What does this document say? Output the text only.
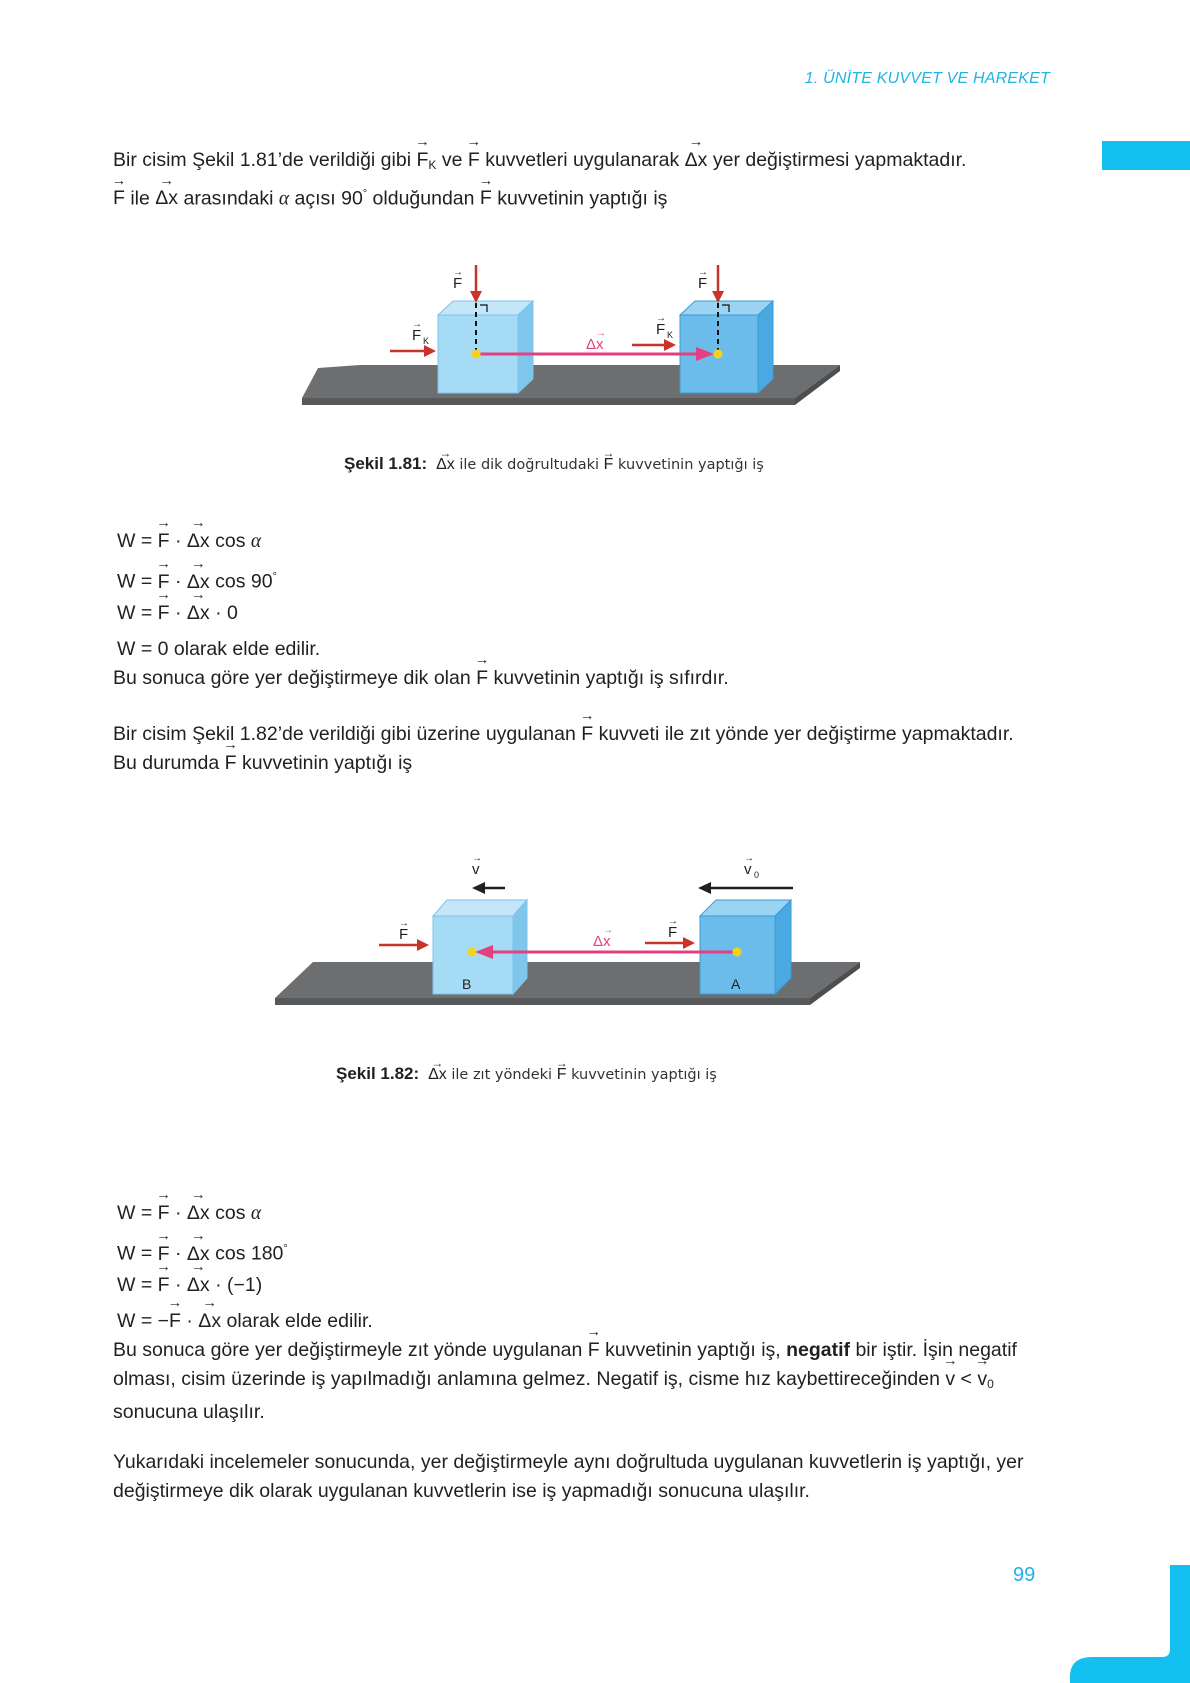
1. ÜNİTE KUVVET VE HAREKET

Bir cisim Şekil 1.81’de verildiği gibi → $F_K$ ve → F kuvvetleri uygulanarak → Δx yer değiştirmesi yapmaktadır.

→ F ile → Δx arasındaki α açısı 90° olduğundan → F kuvvetinin yaptığı iş

F
→
F
→
F K
→	F K
→
Δx
→
Şekil 1.81: → Δx ile dik doğrultudaki → F kuvvetinin yaptığı iş
W = → F · → Δx cos α
W = → F · → Δx cos 90°
W = → F · → Δx · 0
W = 0 olarak elde edilir.

Bu sonuca göre yer değiştirmeye dik olan → F kuvvetinin yaptığı iş sıfırdır.

Bir cisim Şekil 1.82’de verildiği gibi üzerine uygulanan → F kuvveti ile zıt yönde yer değiştirme yapmaktadır.

Bu durumda → F kuvvetinin yaptığı iş

v
→
v 0
→
F
→
F
→
Δx
→
B	A
Şekil 1.82: → Δx ile zıt yöndeki → F kuvvetinin yaptığı iş
W = → F · → Δx cos α
W = → F · → Δx cos 180°
W = → F · → Δx · (−1)
W = −→ F · → Δx olarak elde edilir.

Bu sonuca göre yer değiştirmeyle zıt yönde uygulanan → F kuvvetinin yaptığı iş, negatif bir iştir. İşin negatif olması, cisim üzerinde iş yapılmadığı anlamına gelmez. Negatif iş, cisme hız kaybettireceğinden → v < → $v_0$ sonucuna ulaşılır.

Yukarıdaki incelemeler sonucunda, yer değiştirmeyle aynı doğrultuda uygulanan kuvvetlerin iş yaptığı, yer değiştirmeye dik olarak uygulanan kuvvetlerin ise iş yapmadığı sonucuna ulaşılır.
99
